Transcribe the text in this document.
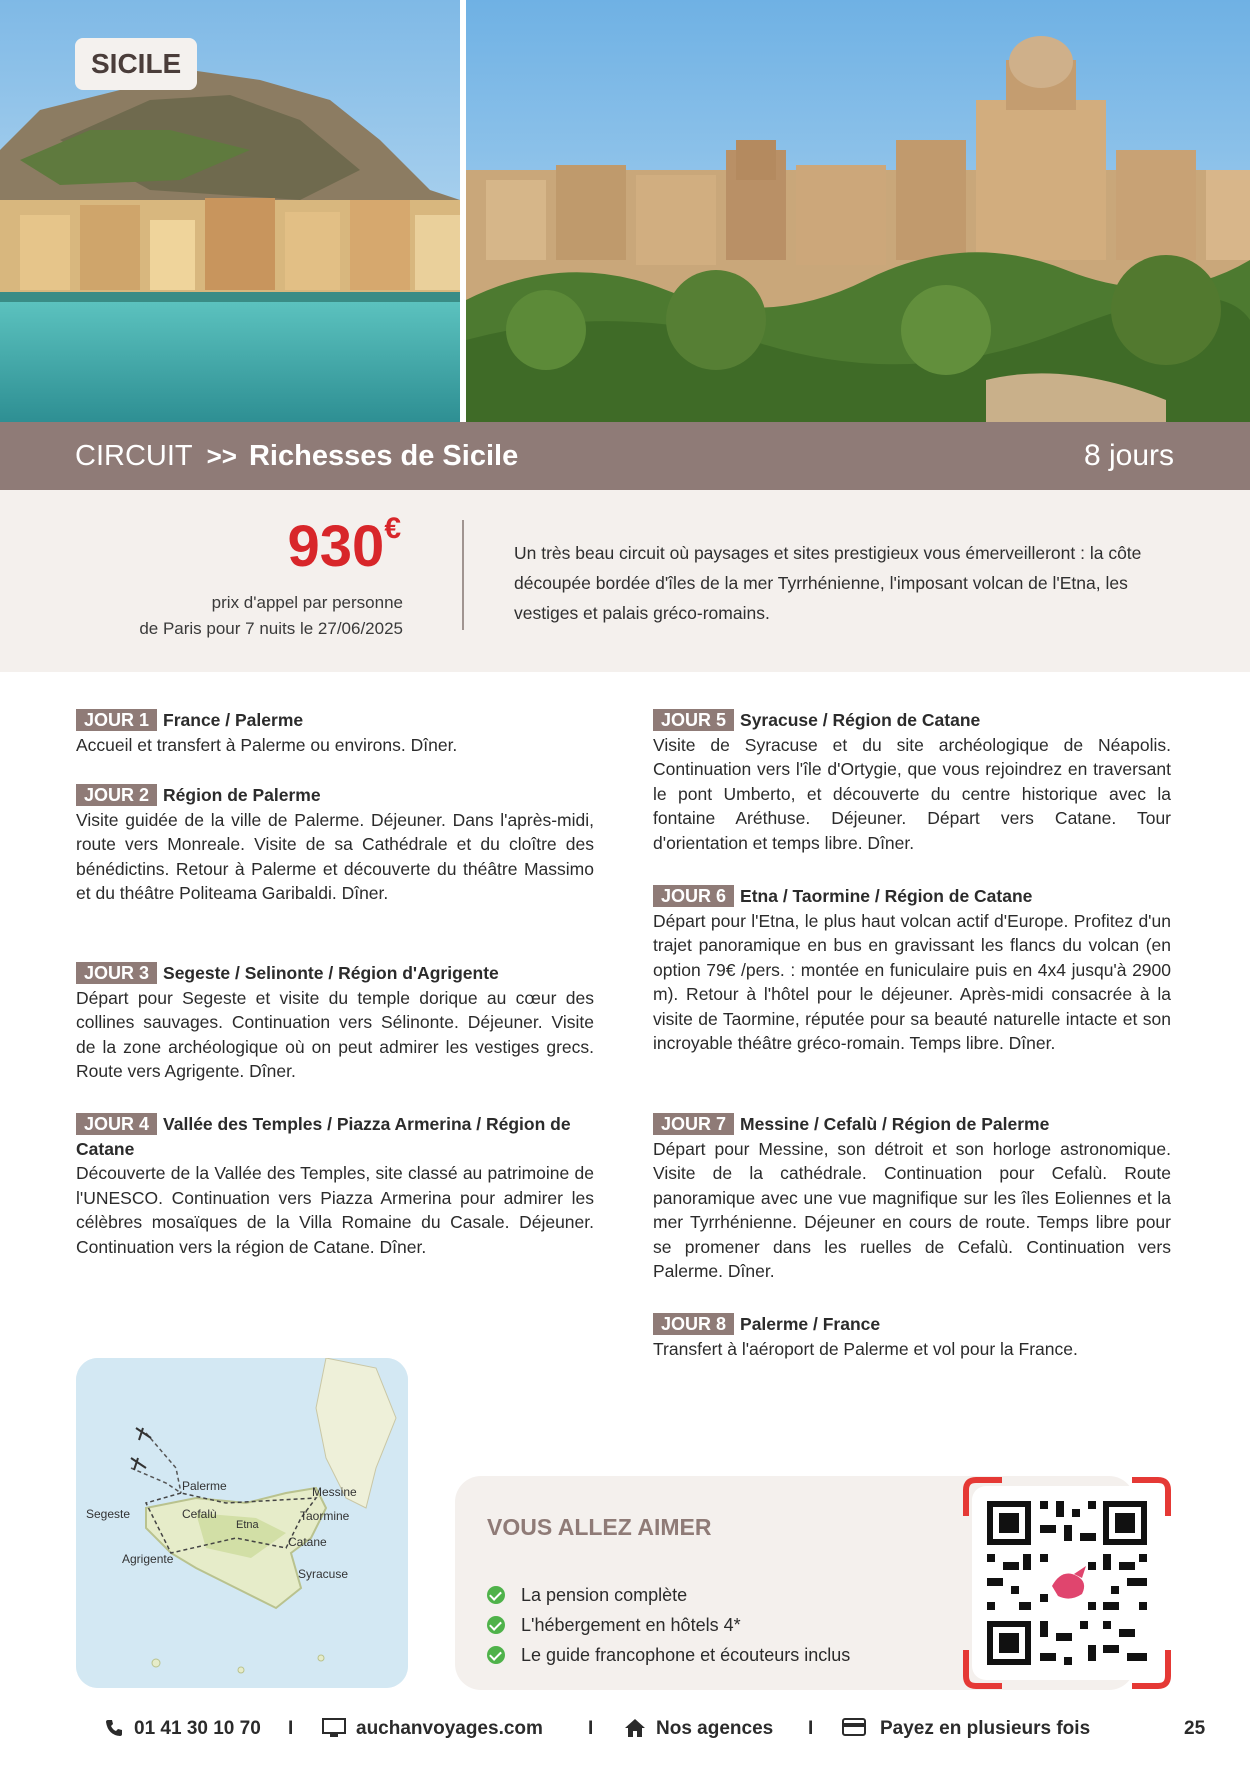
SICILE
CIRCUIT >> Richesses de Sicile	8 jours
930€
prix d'appel par personne
de Paris pour 7 nuits le 27/06/2025
Un très beau circuit où paysages et sites prestigieux vous émerveilleront : la côte découpée bordée d'îles de la mer Tyrrhénienne, l'imposant volcan de l'Etna, les vestiges et palais gréco-romains.
JOUR 1 France / Palerme

Accueil et transfert à Palerme ou environs. Dîner.

JOUR 2 Région de Palerme

Visite guidée de la ville de Palerme. Déjeuner. Dans l'après-midi, route vers Monreale. Visite de sa Cathédrale et du cloître des bénédictins. Retour à Palerme et découverte du théâtre Massimo et du théâtre Politeama Garibaldi. Dîner.

JOUR 3 Segeste / Selinonte / Région d'Agrigente

Départ pour Segeste et visite du temple dorique au cœur des collines sauvages. Continuation vers Sélinonte. Déjeuner. Visite de la zone archéologique où on peut admirer les vestiges grecs. Route vers Agrigente. Dîner.

JOUR 4 Vallée des Temples / Piazza Armerina / Région de Catane

Découverte de la Vallée des Temples, site classé au patrimoine de l'UNESCO. Continuation vers Piazza Armerina pour admirer les célèbres mosaïques de la Villa Romaine du Casale. Déjeuner. Continuation vers la région de Catane. Dîner.

JOUR 5 Syracuse / Région de Catane

Visite de Syracuse et du site archéologique de Néapolis. Continuation vers l'île d'Ortygie, que vous rejoindrez en traversant le pont Umberto, et découverte du centre historique avec la fontaine Aréthuse. Déjeuner. Départ vers Catane. Tour d'orientation et temps libre. Dîner.

JOUR 6 Etna / Taormine / Région de Catane

Départ pour l'Etna, le plus haut volcan actif d'Europe. Profitez d'un trajet panoramique en bus en gravissant les flancs du volcan (en option 79€ /pers. : montée en funiculaire puis en 4x4 jusqu'à 2900 m). Retour à l'hôtel pour le déjeuner. Après-midi consacrée à la visite de Taormine, réputée pour sa beauté naturelle intacte et son incroyable théâtre gréco-romain. Temps libre. Dîner.

JOUR 7 Messine / Cefalù / Région de Palerme

Départ pour Messine, son détroit et son horloge astronomique. Visite de la cathédrale. Continuation pour Cefalù. Route panoramique avec une vue magnifique sur les îles Eoliennes et la mer Tyrrhénienne. Déjeuner en cours de route. Temps libre pour se promener dans les ruelles de Cefalù. Continuation vers Palerme. Dîner.

JOUR 8 Palerme / France

Transfert à l'aéroport de Palerme et vol pour la France.

Palerme
Segeste	Cefalù
Etna
Messine
Taormine
Catane
Agrigente
Syracuse
VOUS ALLEZ AIMER
La pension complète
L'hébergement en hôtels 4*
Le guide francophone et écouteurs inclus
01 41 30 10 70 I	auchanvoyages.com I	Nos agences I	Payez en plusieurs fois	25
